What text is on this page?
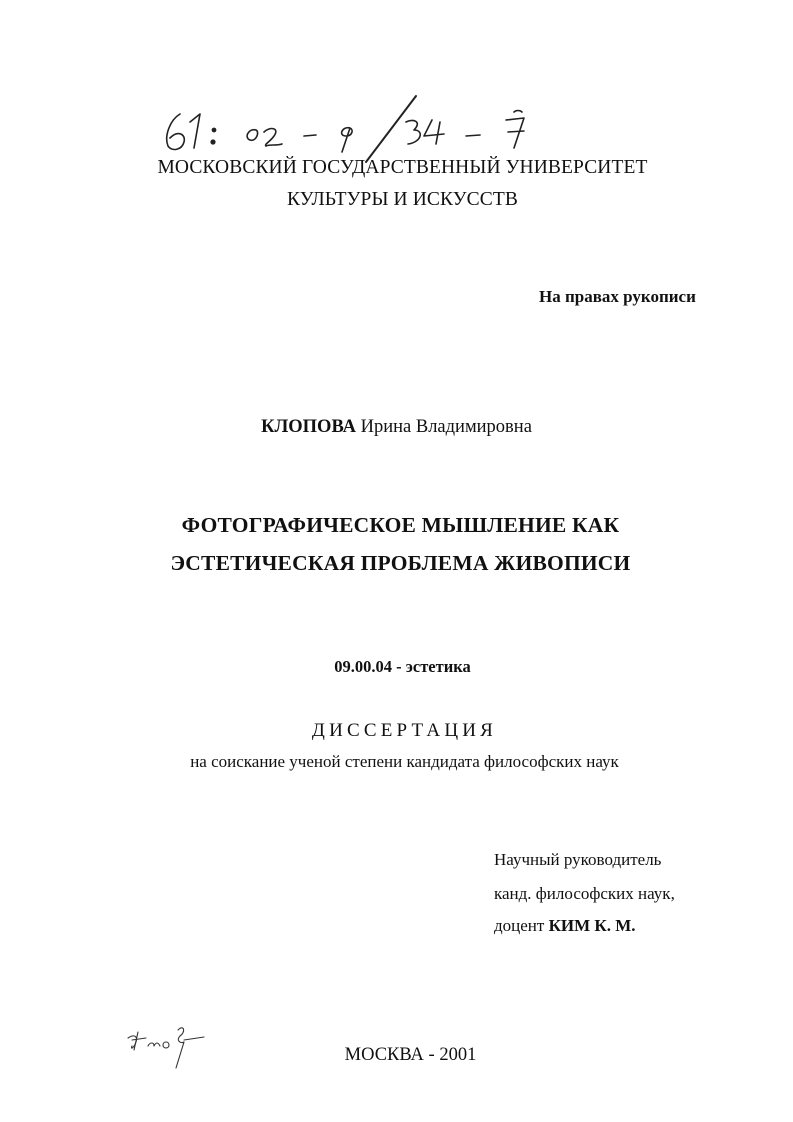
МОСКОВСКИЙ ГОСУДАРСТВЕННЫЙ УНИВЕРСИТЕТ
КУЛЬТУРЫ И ИСКУССТВ
На правах рукописи
КЛОПОВА Ирина Владимировна
ФОТОГРАФИЧЕСКОЕ МЫШЛЕНИЕ КАК
ЭСТЕТИЧЕСКАЯ ПРОБЛЕМА ЖИВОПИСИ
09.00.04 - эстетика
ДИССЕРТАЦИЯ
на соискание ученой степени кандидата философских наук
Научный руководитель
канд. философских наук,
доцент КИМ К. М.
МОСКВА - 2001
